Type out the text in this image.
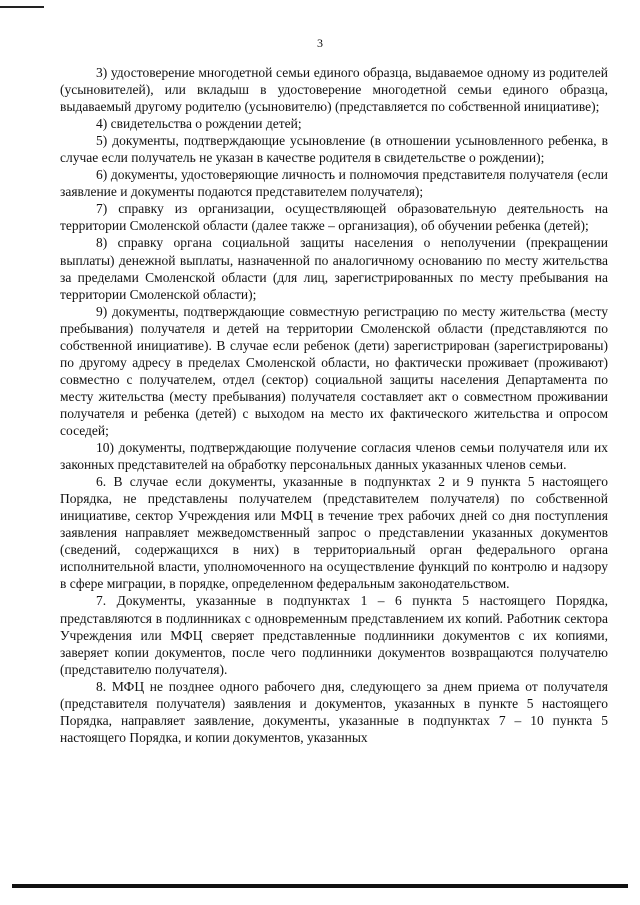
3

3) удостоверение многодетной семьи единого образца, выдаваемое одному из родителей (усыновителей), или вкладыш в удостоверение многодетной семьи единого образца, выдаваемый другому родителю (усыновителю) (представляется по собственной инициативе);

4) свидетельства о рождении детей;

5) документы, подтверждающие усыновление (в отношении усыновленного ребенка, в случае если получатель не указан в качестве родителя в свидетельстве о рождении);

6) документы, удостоверяющие личность и полномочия представителя получателя (если заявление и документы подаются представителем получателя);

7) справку из организации, осуществляющей образовательную деятельность на территории Смоленской области (далее также – организация), об обучении ребенка (детей);

8) справку органа социальной защиты населения о неполучении (прекращении выплаты) денежной выплаты, назначенной по аналогичному основанию по месту жительства за пределами Смоленской области (для лиц, зарегистрированных по месту пребывания на территории Смоленской области);

9) документы, подтверждающие совместную регистрацию по месту жительства (месту пребывания) получателя и детей на территории Смоленской области (представляются по собственной инициативе). В случае если ребенок (дети) зарегистрирован (зарегистрированы) по другому адресу в пределах Смоленской области, но фактически проживает (проживают) совместно с получателем, отдел (сектор) социальной защиты населения Департамента по месту жительства (месту пребывания) получателя составляет акт о совместном проживании получателя и ребенка (детей) с выходом на место их фактического жительства и опросом соседей;

10) документы, подтверждающие получение согласия членов семьи получателя или их законных представителей на обработку персональных данных указанных членов семьи.

6. В случае если документы, указанные в подпунктах 2 и 9 пункта 5 настоящего Порядка, не представлены получателем (представителем получателя) по собственной инициативе, сектор Учреждения или МФЦ в течение трех рабочих дней со дня поступления заявления направляет межведомственный запрос о представлении указанных документов (сведений, содержащихся в них) в территориальный орган федерального органа исполнительной власти, уполномоченного на осуществление функций по контролю и надзору в сфере миграции, в порядке, определенном федеральным законодательством.

7. Документы, указанные в подпунктах 1 – 6 пункта 5 настоящего Порядка, представляются в подлинниках с одновременным представлением их копий. Работник сектора Учреждения или МФЦ сверяет представленные подлинники документов с их копиями, заверяет копии документов, после чего подлинники документов возвращаются получателю (представителю получателя).

8. МФЦ не позднее одного рабочего дня, следующего за днем приема от получателя (представителя получателя) заявления и документов, указанных в пункте 5 настоящего Порядка, направляет заявление, документы, указанные в подпунктах 7 – 10 пункта 5 настоящего Порядка, и копии документов, указанных
